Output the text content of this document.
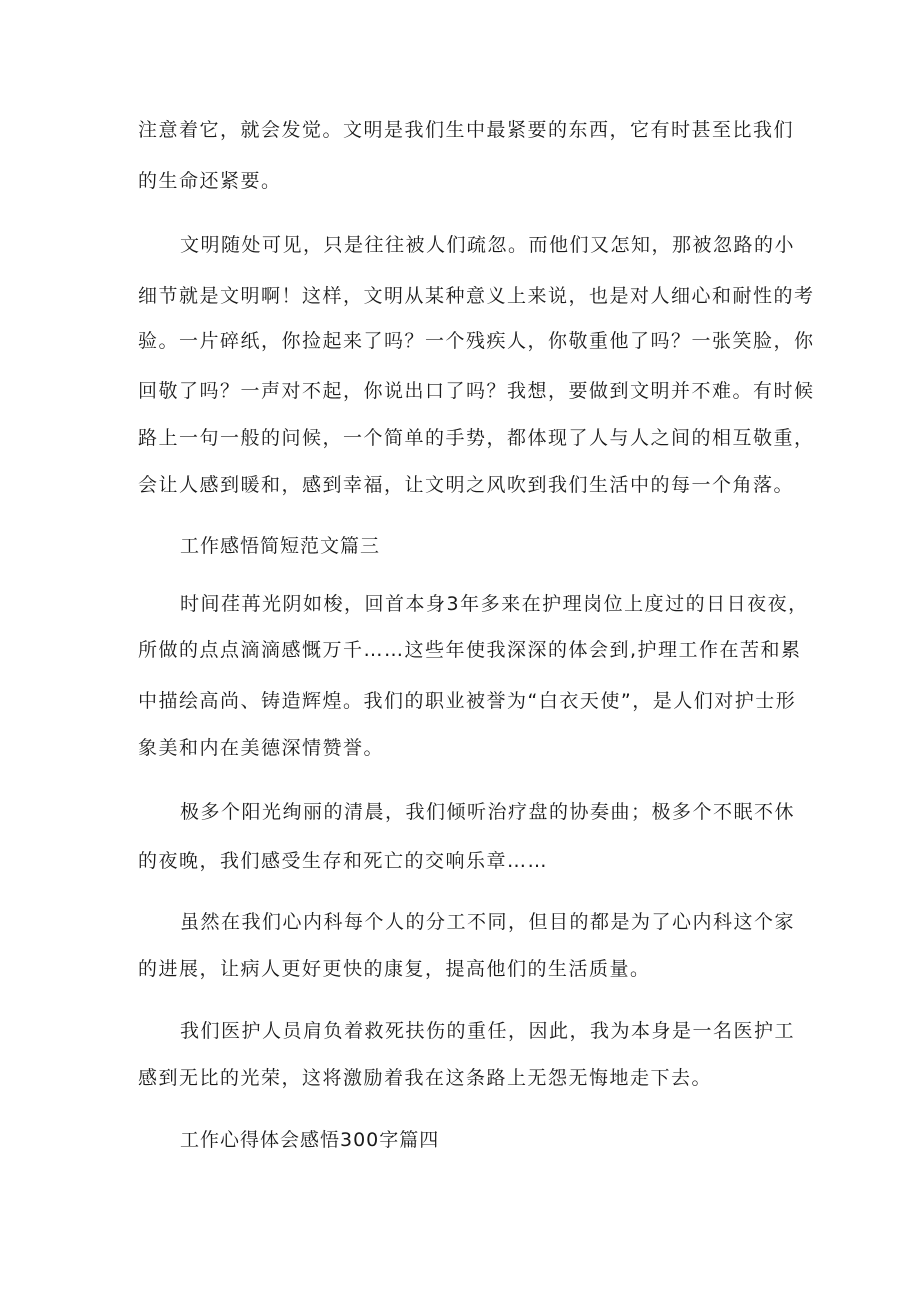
注意着它，就会发觉。文明是我们生中最紧要的东西，它有时甚至比我们
的生命还紧要。
文明随处可见，只是往往被人们疏忽。而他们又怎知，那被忽路的小
细节就是文明啊！这样，文明从某种意义上来说，也是对人细心和耐性的考
验。一片碎纸，你捡起来了吗？一个残疾人，你敬重他了吗？一张笑脸，你
回敬了吗？一声对不起，你说出口了吗？我想，要做到文明并不难。有时候
路上一句一般的问候，一个简单的手势，都体现了人与人之间的相互敬重，
会让人感到暖和，感到幸福，让文明之风吹到我们生活中的每一个角落。
工作感悟简短范文篇三
时间荏苒光阴如梭，回首本身3年多来在护理岗位上度过的日日夜夜，
所做的点点滴滴感慨万千……这些年使我深深的体会到,护理工作在苦和累
中描绘高尚、铸造辉煌。我们的职业被誉为“白衣天使”，是人们对护士形
象美和内在美德深情赞誉。
极多个阳光绚丽的清晨，我们倾听治疗盘的协奏曲；极多个不眠不休
的夜晚，我们感受生存和死亡的交响乐章……
虽然在我们心内科每个人的分工不同，但目的都是为了心内科这个家
的进展，让病人更好更快的康复，提高他们的生活质量。
我们医护人员肩负着救死扶伤的重任，因此，我为本身是一名医护工
感到无比的光荣，这将激励着我在这条路上无怨无悔地走下去。
工作心得体会感悟300字篇四
